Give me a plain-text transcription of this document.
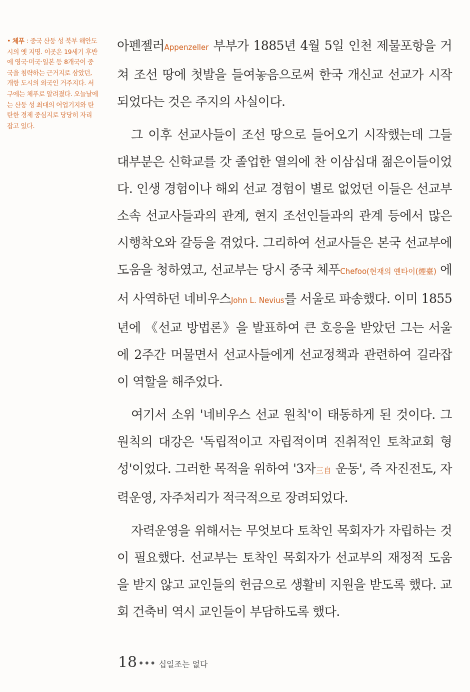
• 체푸 : 중국 산둥 성 북부 해안도시의 옛 지명. 이곳은 19세기 후반에 영국·미국·일본 등 8개국이 중국을 침략하는 근거지로 삼았던, 개항 도시의 외국인 거주지다. 서구에는 체푸로 알려졌다. 오늘날에는 산둥 성 최대의 어업기지와 탄탄한 경제 중심지로 당당히 자리 잡고 있다.

아펜젤러Appenzeller 부부가 1885년 4월 5일 인천 제물포항을 거쳐 조선 땅에 첫발을 들여놓음으로써 한국 개신교 선교가 시작되었다는 것은 주지의 사실이다.

그 이후 선교사들이 조선 땅으로 들어오기 시작했는데 그들 대부분은 신학교를 갓 졸업한 열의에 찬 이삼십대 젊은이들이었다. 인생 경험이나 해외 선교 경험이 별로 없었던 이들은 선교부 소속 선교사들과의 관계, 현지 조선인들과의 관계 등에서 많은 시행착오와 갈등을 겪었다. 그리하여 선교사들은 본국 선교부에 도움을 청하였고, 선교부는 당시 중국 체푸Chefoo(현재의 옌타이(煙臺) 에서 사역하던 네비우스John L. Nevius를 서울로 파송했다. 이미 1855년에 《선교 방법론》을 발표하여 큰 호응을 받았던 그는 서울에 2주간 머물면서 선교사들에게 선교정책과 관련하여 길라잡이 역할을 해주었다.

여기서 소위 '네비우스 선교 원칙'이 태동하게 된 것이다. 그 원칙의 대강은 '독립적이고 자립적이며 진취적인 토착교회 형성'이었다. 그러한 목적을 위하여 '3자三自 운동', 즉 자진전도, 자력운영, 자주처리가 적극적으로 장려되었다.

자력운영을 위해서는 무엇보다 토착인 목회자가 자립하는 것이 필요했다. 선교부는 토착인 목회자가 선교부의 재정적 도움을 받지 않고 교인들의 헌금으로 생활비 지원을 받도록 했다. 교회 건축비 역시 교인들이 부담하도록 했다.

18••• 십일조는 없다
